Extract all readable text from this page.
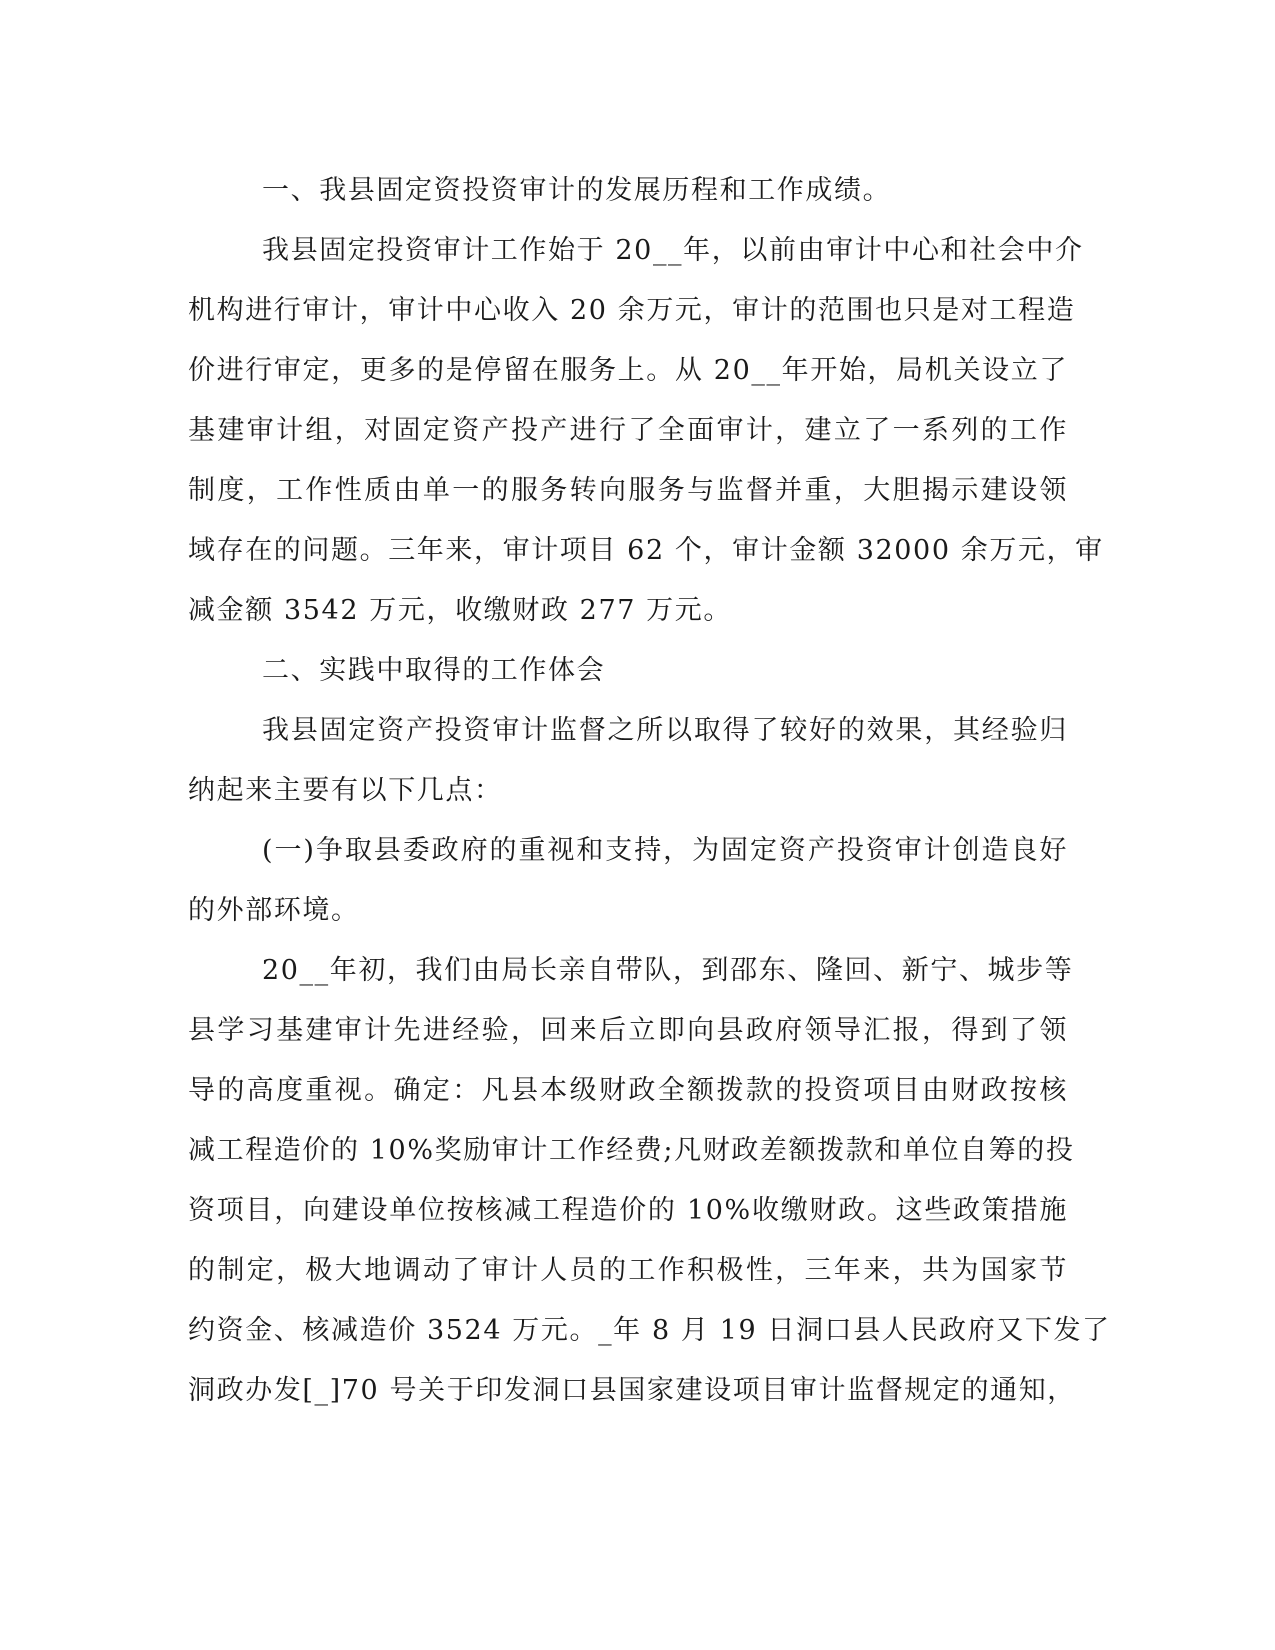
一、我县固定资投资审计的发展历程和工作成绩。
我县固定投资审计工作始于 20__年，以前由审计中心和社会中介
机构进行审计，审计中心收入 20 余万元，审计的范围也只是对工程造
价进行审定，更多的是停留在服务上。从 20__年开始，局机关设立了
基建审计组，对固定资产投产进行了全面审计，建立了一系列的工作
制度，工作性质由单一的服务转向服务与监督并重，大胆揭示建设领
域存在的问题。三年来，审计项目 62 个，审计金额 32000 余万元，审
减金额 3542 万元，收缴财政 277 万元。
二、实践中取得的工作体会
我县固定资产投资审计监督之所以取得了较好的效果，其经验归
纳起来主要有以下几点：
(一)争取县委政府的重视和支持，为固定资产投资审计创造良好
的外部环境。
20__年初，我们由局长亲自带队，到邵东、隆回、新宁、城步等
县学习基建审计先进经验，回来后立即向县政府领导汇报，得到了领
导的高度重视。确定：凡县本级财政全额拨款的投资项目由财政按核
减工程造价的 10%奖励审计工作经费;凡财政差额拨款和单位自筹的投
资项目，向建设单位按核减工程造价的 10%收缴财政。这些政策措施
的制定，极大地调动了审计人员的工作积极性，三年来，共为国家节
约资金、核减造价 3524 万元。_年 8 月 19 日洞口县人民政府又下发了
洞政办发[_]70 号关于印发洞口县国家建设项目审计监督规定的通知，
